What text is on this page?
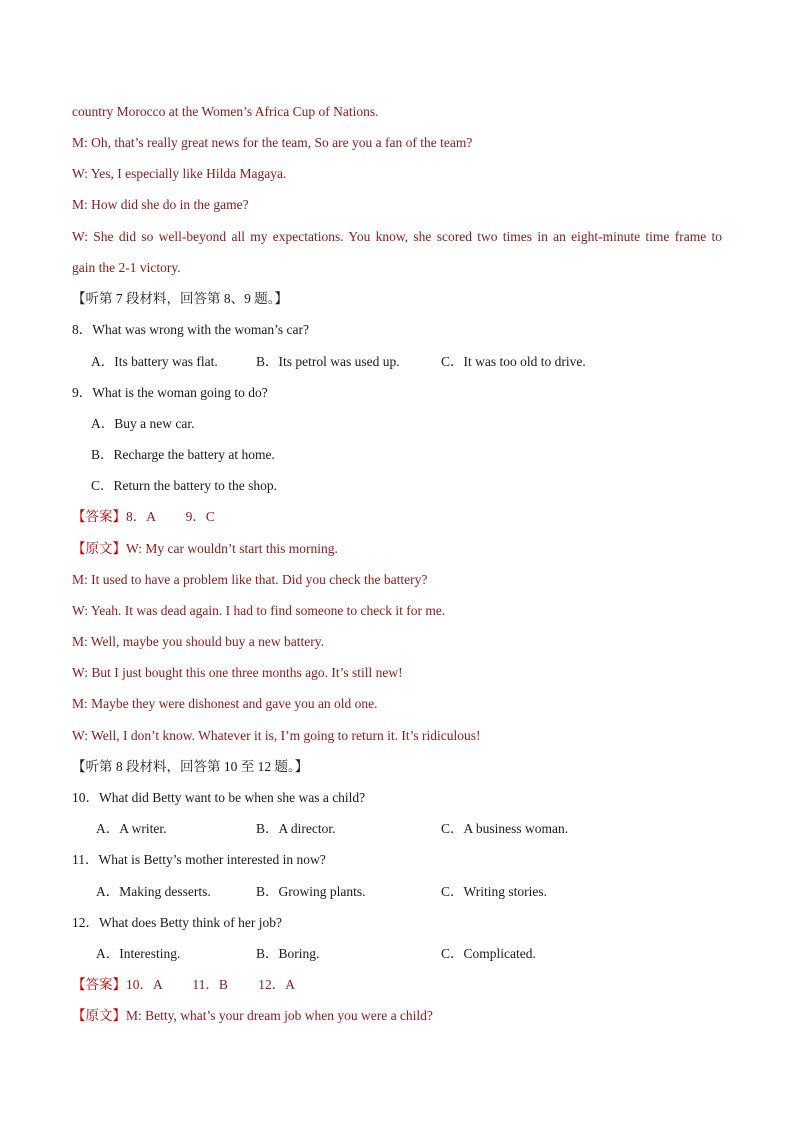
country Morocco at the Women’s Africa Cup of Nations.
M: Oh, that’s really great news for the team, So are you a fan of the team?
W: Yes, I especially like Hilda Magaya.
M: How did she do in the game?
W: She did so well-beyond all my expectations. You know, she scored two times in an eight-minute time frame to
gain the 2-1 victory.
【听第 7 段材料，回答第 8、9 题。】
8．What was wrong with the woman’s car?
A．Its battery was flat.	B．Its petrol was used up.	C．It was too old to drive.
9．What is the woman going to do?
A．Buy a new car.
B．Recharge the battery at home.
C．Return the battery to the shop.
【答案】8．A 　　9．C
【原文】W: My car wouldn’t start this morning.
M: It used to have a problem like that. Did you check the battery?
W: Yeah. It was dead again. I had to find someone to check it for me.
M: Well, maybe you should buy a new battery.
W: But I just bought this one three months ago. It’s still new!
M: Maybe they were dishonest and gave you an old one.
W: Well, I don’t know. Whatever it is, I’m going to return it. It’s ridiculous!
【听第 8 段材料，回答第 10 至 12 题。】
10．What did Betty want to be when she was a child?
A．A writer.	B．A director.	C．A business woman.
11．What is Betty’s mother interested in now?
A．Making desserts.	B．Growing plants.	C．Writing stories.
12．What does Betty think of her job?
A．Interesting.	B．Boring.	C．Complicated.
【答案】10．A 　　11．B 　　12．A
【原文】M: Betty, what’s your dream job when you were a child?
